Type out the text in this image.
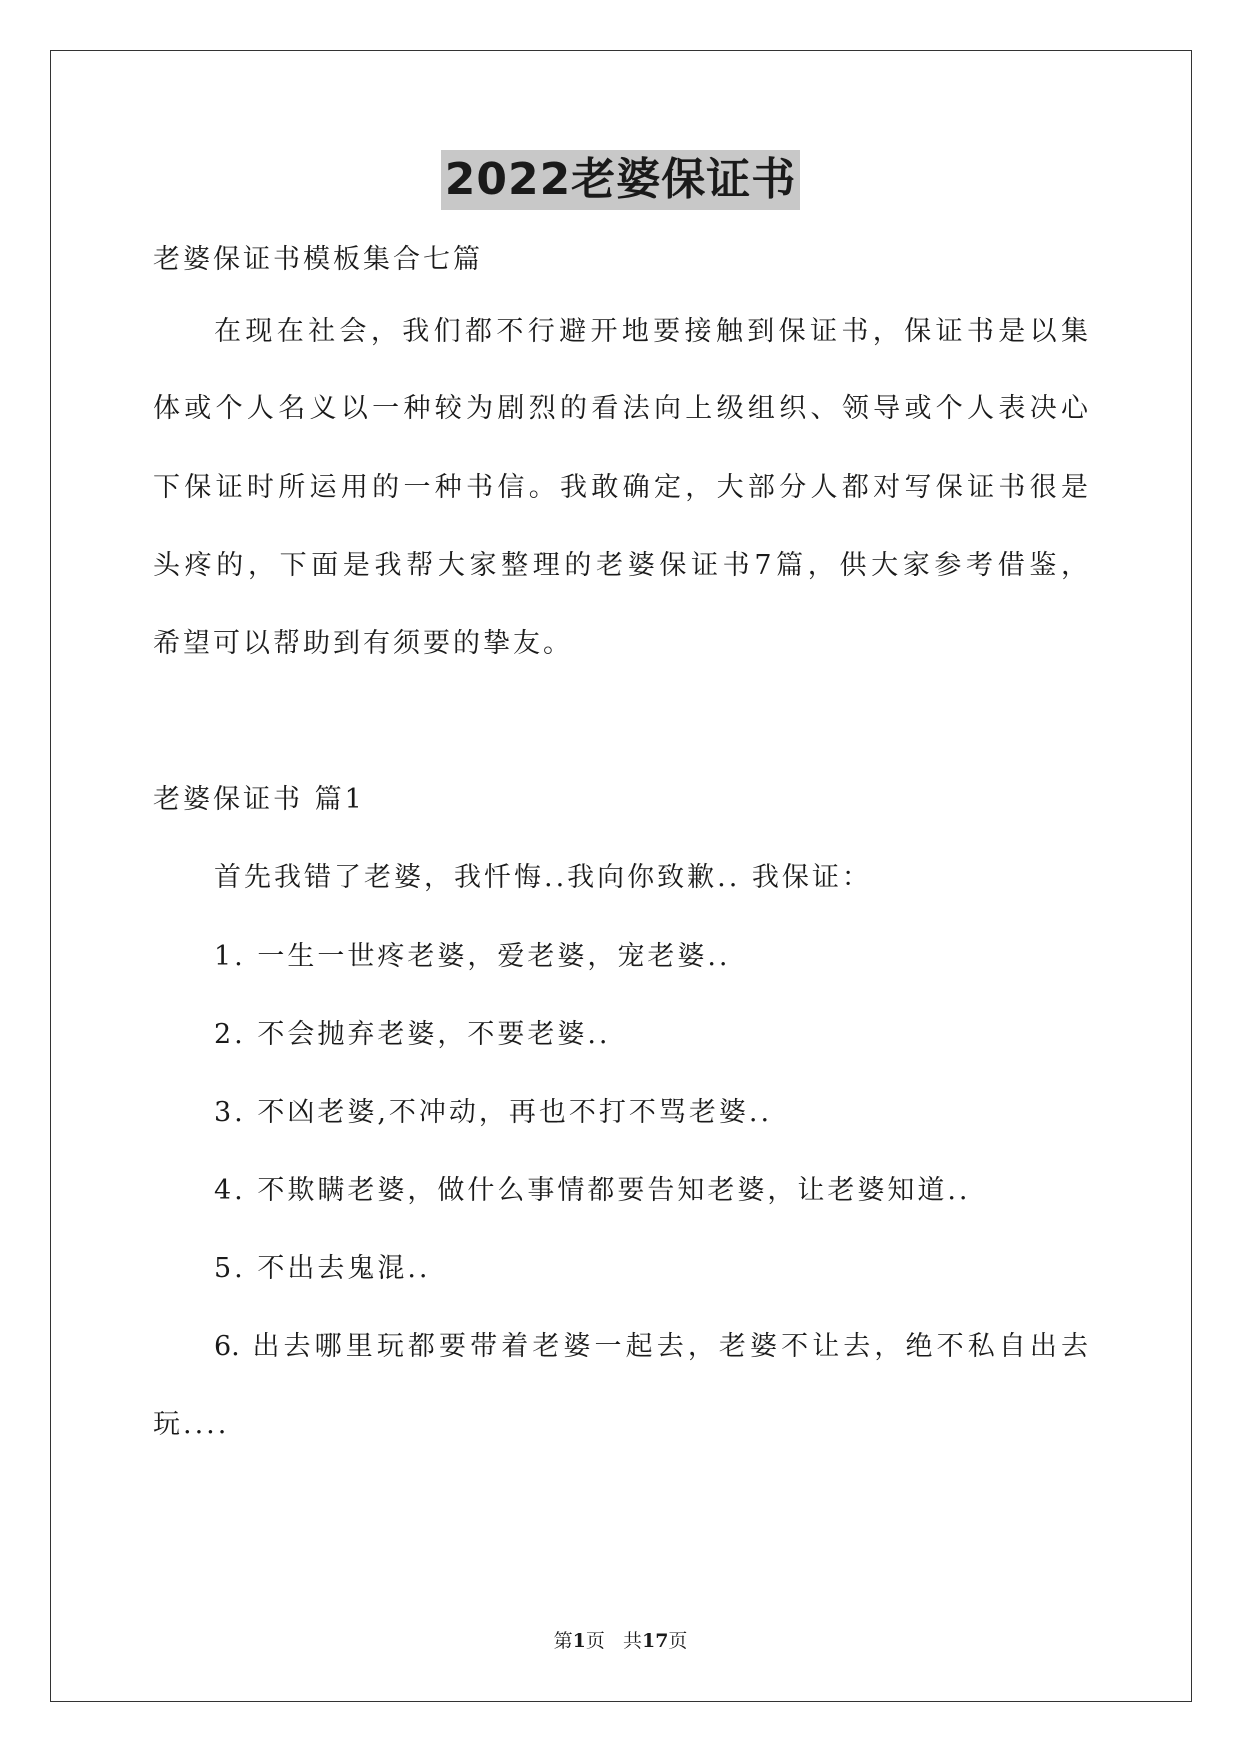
2022老婆保证书
老婆保证书模板集合七篇
在现在社会，我们都不行避开地要接触到保证书，保证书是以集
体或个人名义以一种较为剧烈的看法向上级组织、领导或个人表决心
下保证时所运用的一种书信。我敢确定，大部分人都对写保证书很是
头疼的，下面是我帮大家整理的老婆保证书7篇，供大家参考借鉴，
希望可以帮助到有须要的挚友。
老婆保证书 篇1
首先我错了老婆，我忏悔..我向你致歉.. 我保证：
1. 一生一世疼老婆，爱老婆，宠老婆..
2. 不会抛弃老婆，不要老婆..
3. 不凶老婆,不冲动，再也不打不骂老婆..
4. 不欺瞒老婆，做什么事情都要告知老婆，让老婆知道..
5. 不出去鬼混..
6. 出去哪里玩都要带着老婆一起去，老婆不让去，绝不私自出去
玩....
第1页 共17页
